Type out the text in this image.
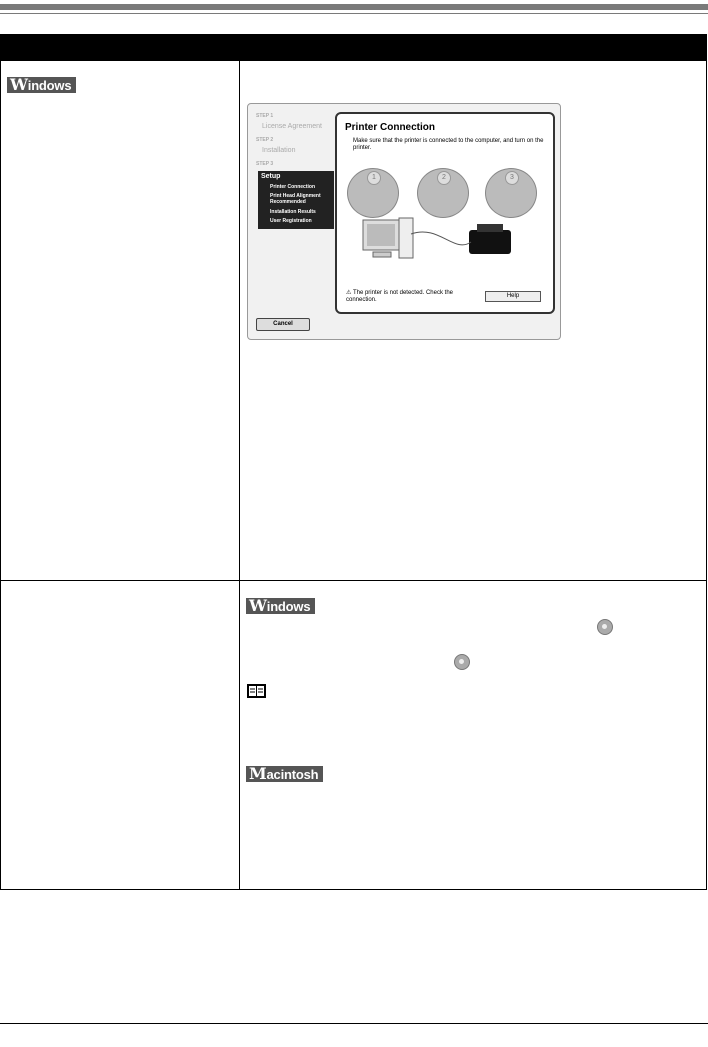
Windows
STEP 1
License Agreement
STEP 2
Installation
STEP 3
Setup
Printer Connection
Print Head Alignment Recommended
Installation Results
User Registration
Printer Connection
Make sure that the printer is connected to the computer, and turn on the printer.
1	2	3
⚠ The printer is not detected. Check the connection.
Help
Cancel
Windows
Macintosh
